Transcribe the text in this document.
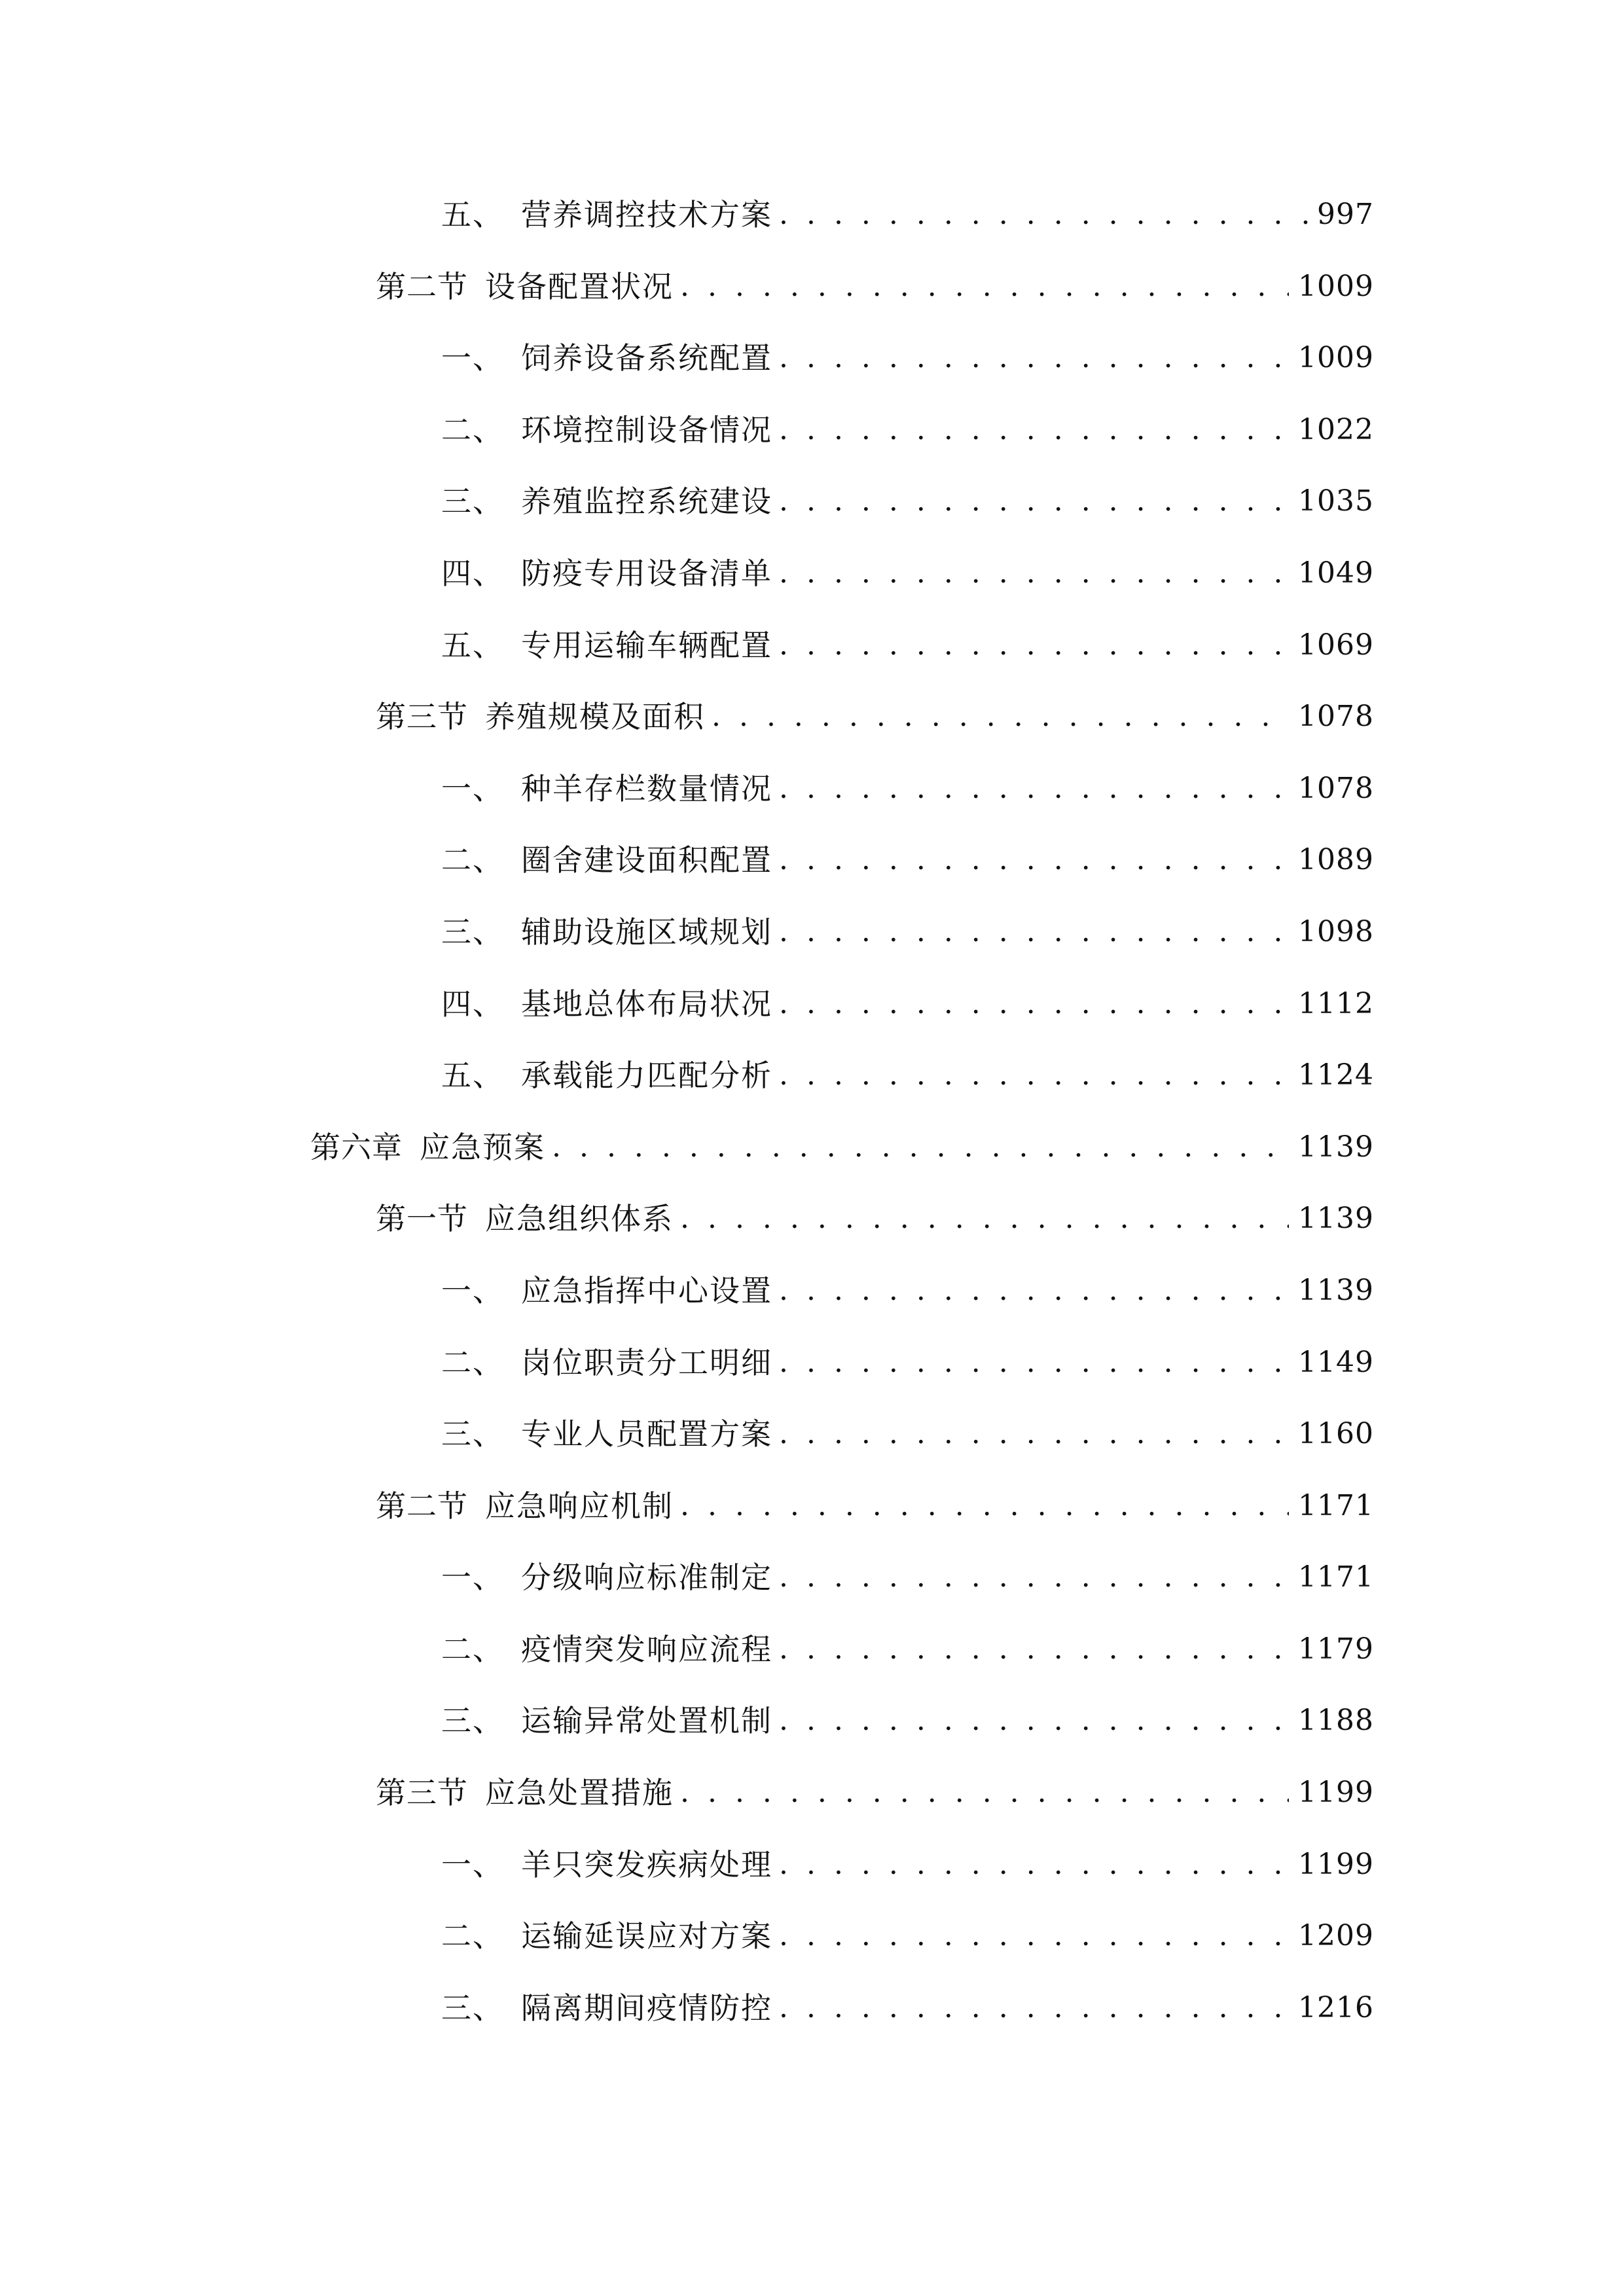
五、 营养调控技术方案 . . .	997
第二节 设备配置状况 . . .	1009
一、 饲养设备系统配置 . . .	1009
二、 环境控制设备情况 . . .	1022
三、 养殖监控系统建设 . . .	1035
四、 防疫专用设备清单 . . .	1049
五、 专用运输车辆配置 . . .	1069
第三节 养殖规模及面积 . . .	1078
一、 种羊存栏数量情况 . . .	1078
二、 圈舍建设面积配置 . . .	1089
三、 辅助设施区域规划 . . .	1098
四、 基地总体布局状况 . . .	1112
五、 承载能力匹配分析 . . .	1124
第六章 应急预案 . . .	1139
第一节 应急组织体系 . . .	1139
一、 应急指挥中心设置 . . .	1139
二、 岗位职责分工明细 . . .	1149
三、 专业人员配置方案 . . .	1160
第二节 应急响应机制 . . .	1171
一、 分级响应标准制定 . . .	1171
二、 疫情突发响应流程 . . .	1179
三、 运输异常处置机制 . . .	1188
第三节 应急处置措施 . . .	1199
一、 羊只突发疾病处理 . . .	1199
二、 运输延误应对方案 . . .	1209
三、 隔离期间疫情防控 . . .	1216
